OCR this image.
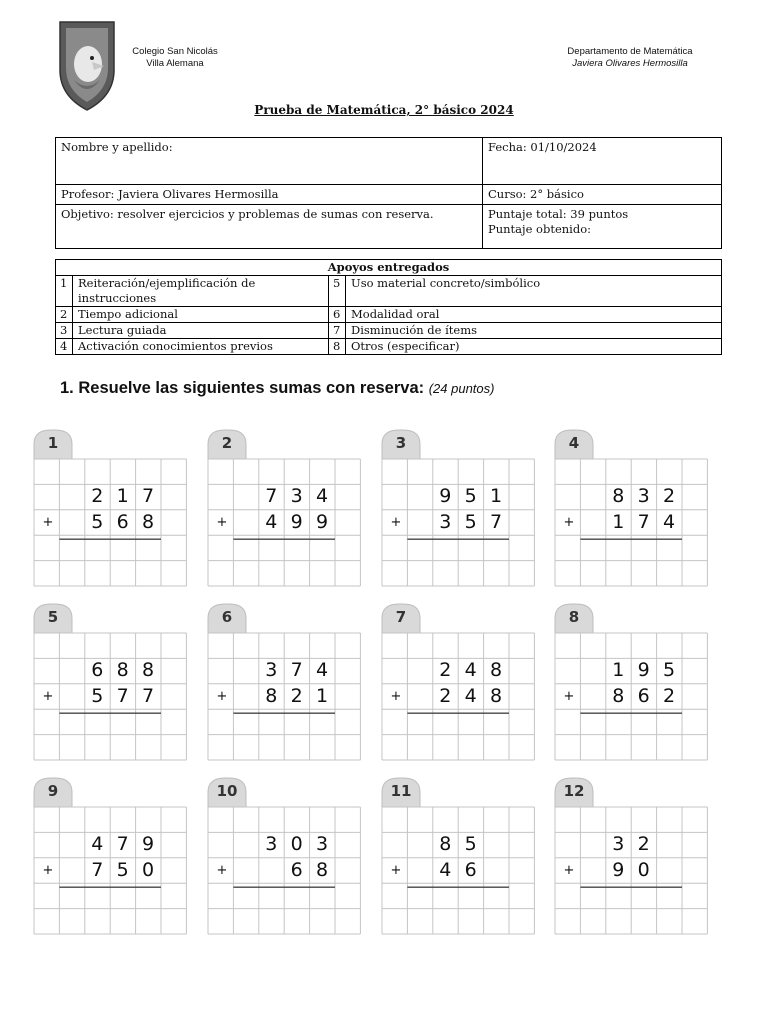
Colegio San Nicolás
Villa Alemana
Departamento de Matemática
Javiera Olivares Hermosilla
Prueba de Matemática, 2° básico 2024
Nombre y apellido:	Fecha: 01/10/2024
Profesor: Javiera Olivares Hermosilla	Curso: 2° básico
Objetivo: resolver ejercicios y problemas de sumas con reserva.	Puntaje total: 39 puntos
Puntaje obtenido:
Apoyos entregados			
1	Reiteración/ejemplificación de instrucciones	5	Uso material concreto/simbólico
2	Tiempo adicional	6	Modalidad oral
3	Lectura guiada	7	Disminución de ítems
4	Activación conocimientos previos	8	Otros (especificar)
1. Resuelve las siguientes sumas con reserva: (24 puntos)
1
+
2 1 7
5 6 8
2
+
7 3 4
4 9 9
3
+
9 5 1
3 5 7
4
+
8 3 2
1 7 4
5
+
6 8 8
5 7 7
6
+
3 7 4
8 2 1
7
+
2 4 8
2 4 8
8
+
1 9 5
8 6 2
9
+
4 7 9
7 5 0
10
+
3 0 3
6 8
11
+
8 5
4 6
12
+
3 2
9 0
